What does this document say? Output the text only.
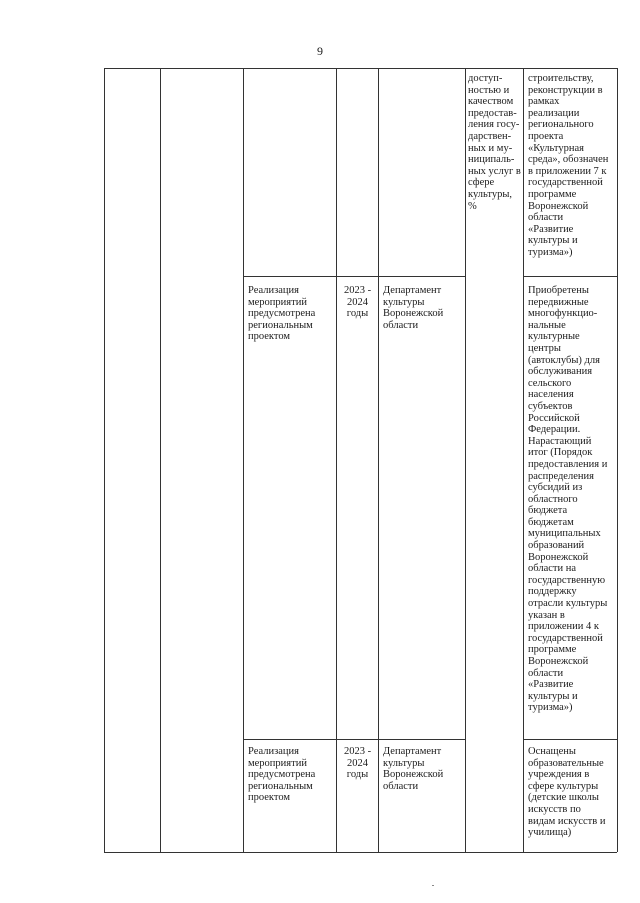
9
доступ-
ностью и
качеством
предостав-
ления госу-
дарствен-
ных и му-
ниципаль-
ных услуг в
сфере
культуры,
%
строительству,
реконструкции в
рамках
реализации
регионального
проекта
«Культурная
среда», обозначен
в приложении 7 к
государственной
программе
Воронежской
области
«Развитие
культуры и
туризма»)
Реализация
мероприятий
предусмотрена
региональным
проектом
2023 -
2024
годы
Департамент
культуры
Воронежской
области
Приобретены
передвижные
многофункцио-
нальные
культурные
центры
(автоклубы) для
обслуживания
сельского
населения
субъектов
Российской
Федерации.
Нарастающий
итог (Порядок
предоставления и
распределения
субсидий из
областного
бюджета
бюджетам
муниципальных
образований
Воронежской
области на
государственную
поддержку
отрасли культуры
указан в
приложении 4 к
государственной
программе
Воронежской
области
«Развитие
культуры и
туризма»)
Реализация
мероприятий
предусмотрена
региональным
проектом
2023 -
2024
годы
Департамент
культуры
Воронежской
области
Оснащены
образовательные
учреждения в
сфере культуры
(детские школы
искусств по
видам искусств и
училища)
